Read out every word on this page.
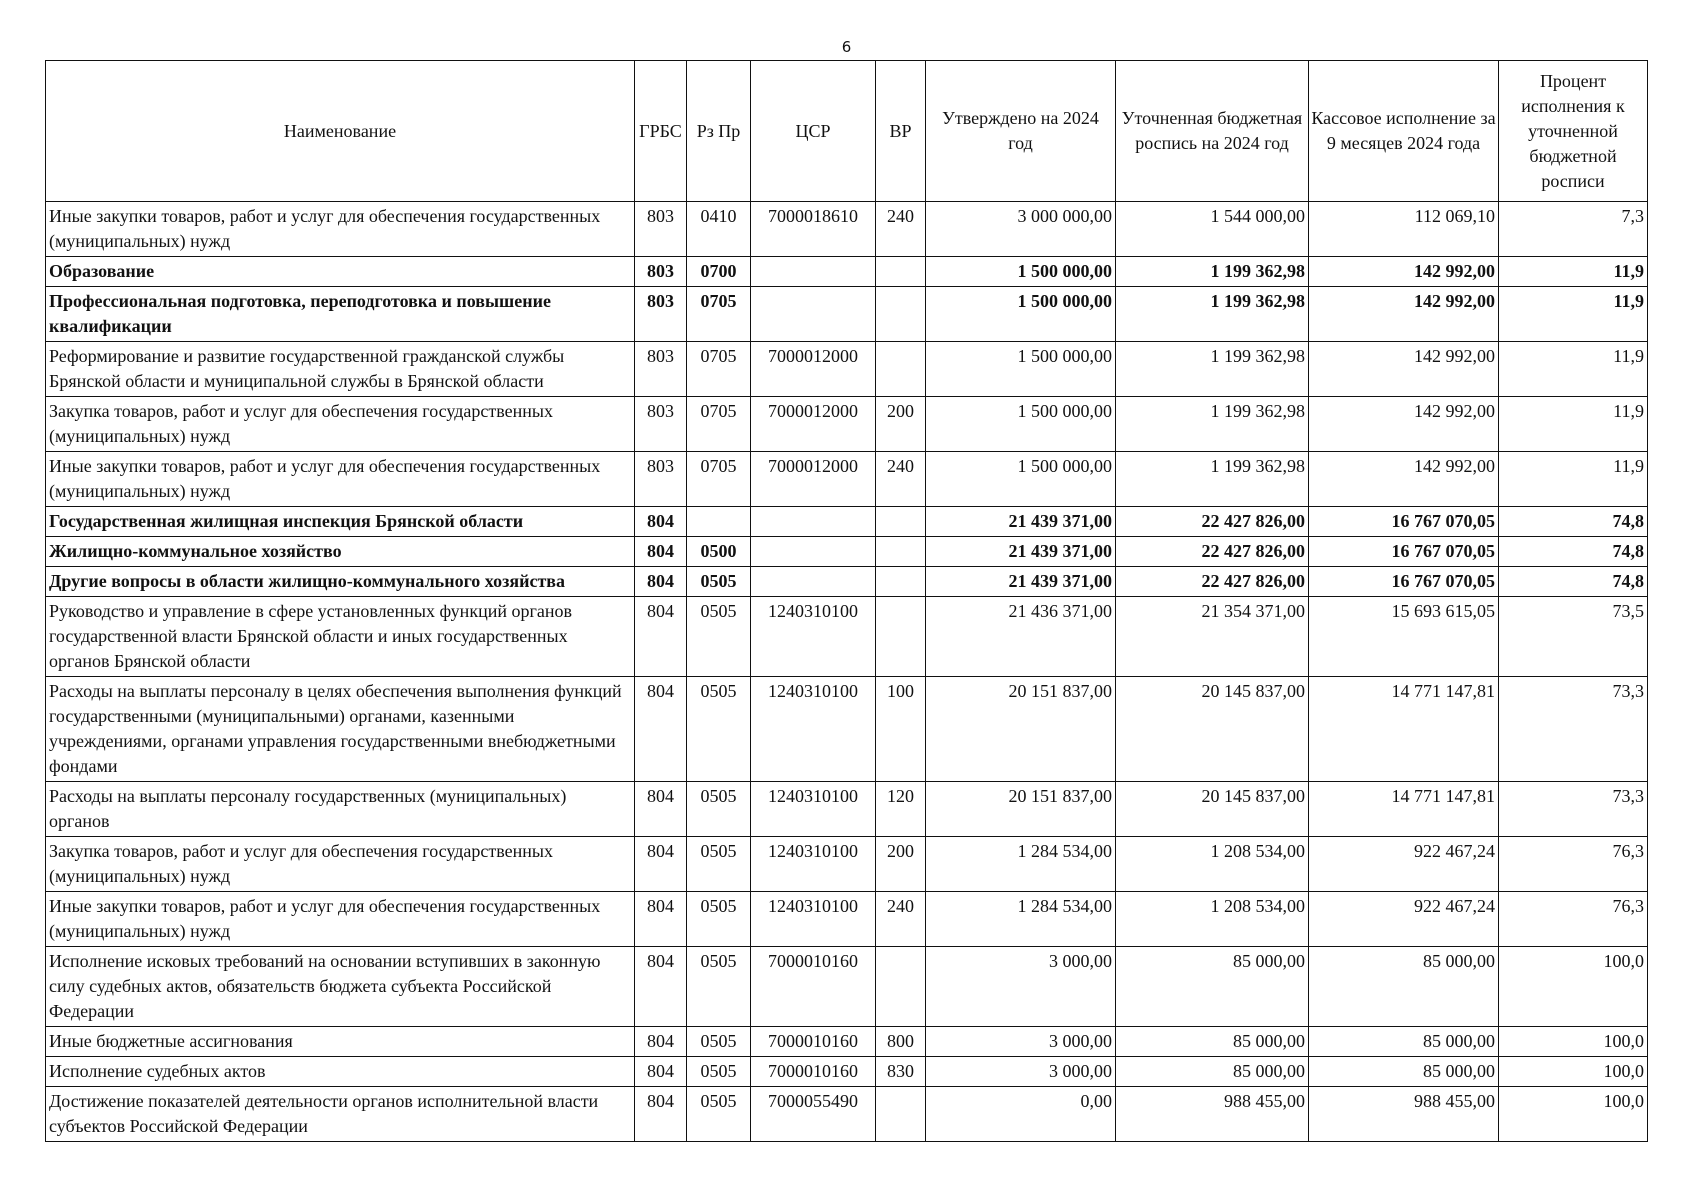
6
Наименование	ГРБС	Рз Пр	ЦСР	ВР	Утверждено на 2024 год	Уточненная бюджетная роспись на 2024 год	Кассовое исполнение за 9 месяцев 2024 года	Процент исполнения к уточненной бюджетной росписи
Иные закупки товаров, работ и услуг для обеспечения государственных (муниципальных) нужд	803	0410	7000018610	240	3 000 000,00	1 544 000,00	112 069,10	7,3
Образование	803	0700			1 500 000,00	1 199 362,98	142 992,00	11,9
Профессиональная подготовка, переподготовка и повышение квалификации	803	0705			1 500 000,00	1 199 362,98	142 992,00	11,9
Реформирование и развитие государственной гражданской службы Брянской области и муниципальной службы в Брянской области	803	0705	7000012000		1 500 000,00	1 199 362,98	142 992,00	11,9
Закупка товаров, работ и услуг для обеспечения государственных (муниципальных) нужд	803	0705	7000012000	200	1 500 000,00	1 199 362,98	142 992,00	11,9
Иные закупки товаров, работ и услуг для обеспечения государственных (муниципальных) нужд	803	0705	7000012000	240	1 500 000,00	1 199 362,98	142 992,00	11,9
Государственная жилищная инспекция Брянской области	804				21 439 371,00	22 427 826,00	16 767 070,05	74,8
Жилищно-коммунальное хозяйство	804	0500			21 439 371,00	22 427 826,00	16 767 070,05	74,8
Другие вопросы в области жилищно-коммунального хозяйства	804	0505			21 439 371,00	22 427 826,00	16 767 070,05	74,8
Руководство и управление в сфере установленных функций органов государственной власти Брянской области и иных государственных органов Брянской области	804	0505	1240310100		21 436 371,00	21 354 371,00	15 693 615,05	73,5
Расходы на выплаты персоналу в целях обеспечения выполнения функций государственными (муниципальными) органами, казенными учреждениями, органами управления государственными внебюджетными фондами	804	0505	1240310100	100	20 151 837,00	20 145 837,00	14 771 147,81	73,3
Расходы на выплаты персоналу государственных (муниципальных) органов	804	0505	1240310100	120	20 151 837,00	20 145 837,00	14 771 147,81	73,3
Закупка товаров, работ и услуг для обеспечения государственных (муниципальных) нужд	804	0505	1240310100	200	1 284 534,00	1 208 534,00	922 467,24	76,3
Иные закупки товаров, работ и услуг для обеспечения государственных (муниципальных) нужд	804	0505	1240310100	240	1 284 534,00	1 208 534,00	922 467,24	76,3
Исполнение исковых требований на основании вступивших в законную силу судебных актов, обязательств бюджета субъекта Российской Федерации	804	0505	7000010160		3 000,00	85 000,00	85 000,00	100,0
Иные бюджетные ассигнования	804	0505	7000010160	800	3 000,00	85 000,00	85 000,00	100,0
Исполнение судебных актов	804	0505	7000010160	830	3 000,00	85 000,00	85 000,00	100,0
Достижение показателей деятельности органов исполнительной власти субъектов Российской Федерации	804	0505	7000055490		0,00	988 455,00	988 455,00	100,0
